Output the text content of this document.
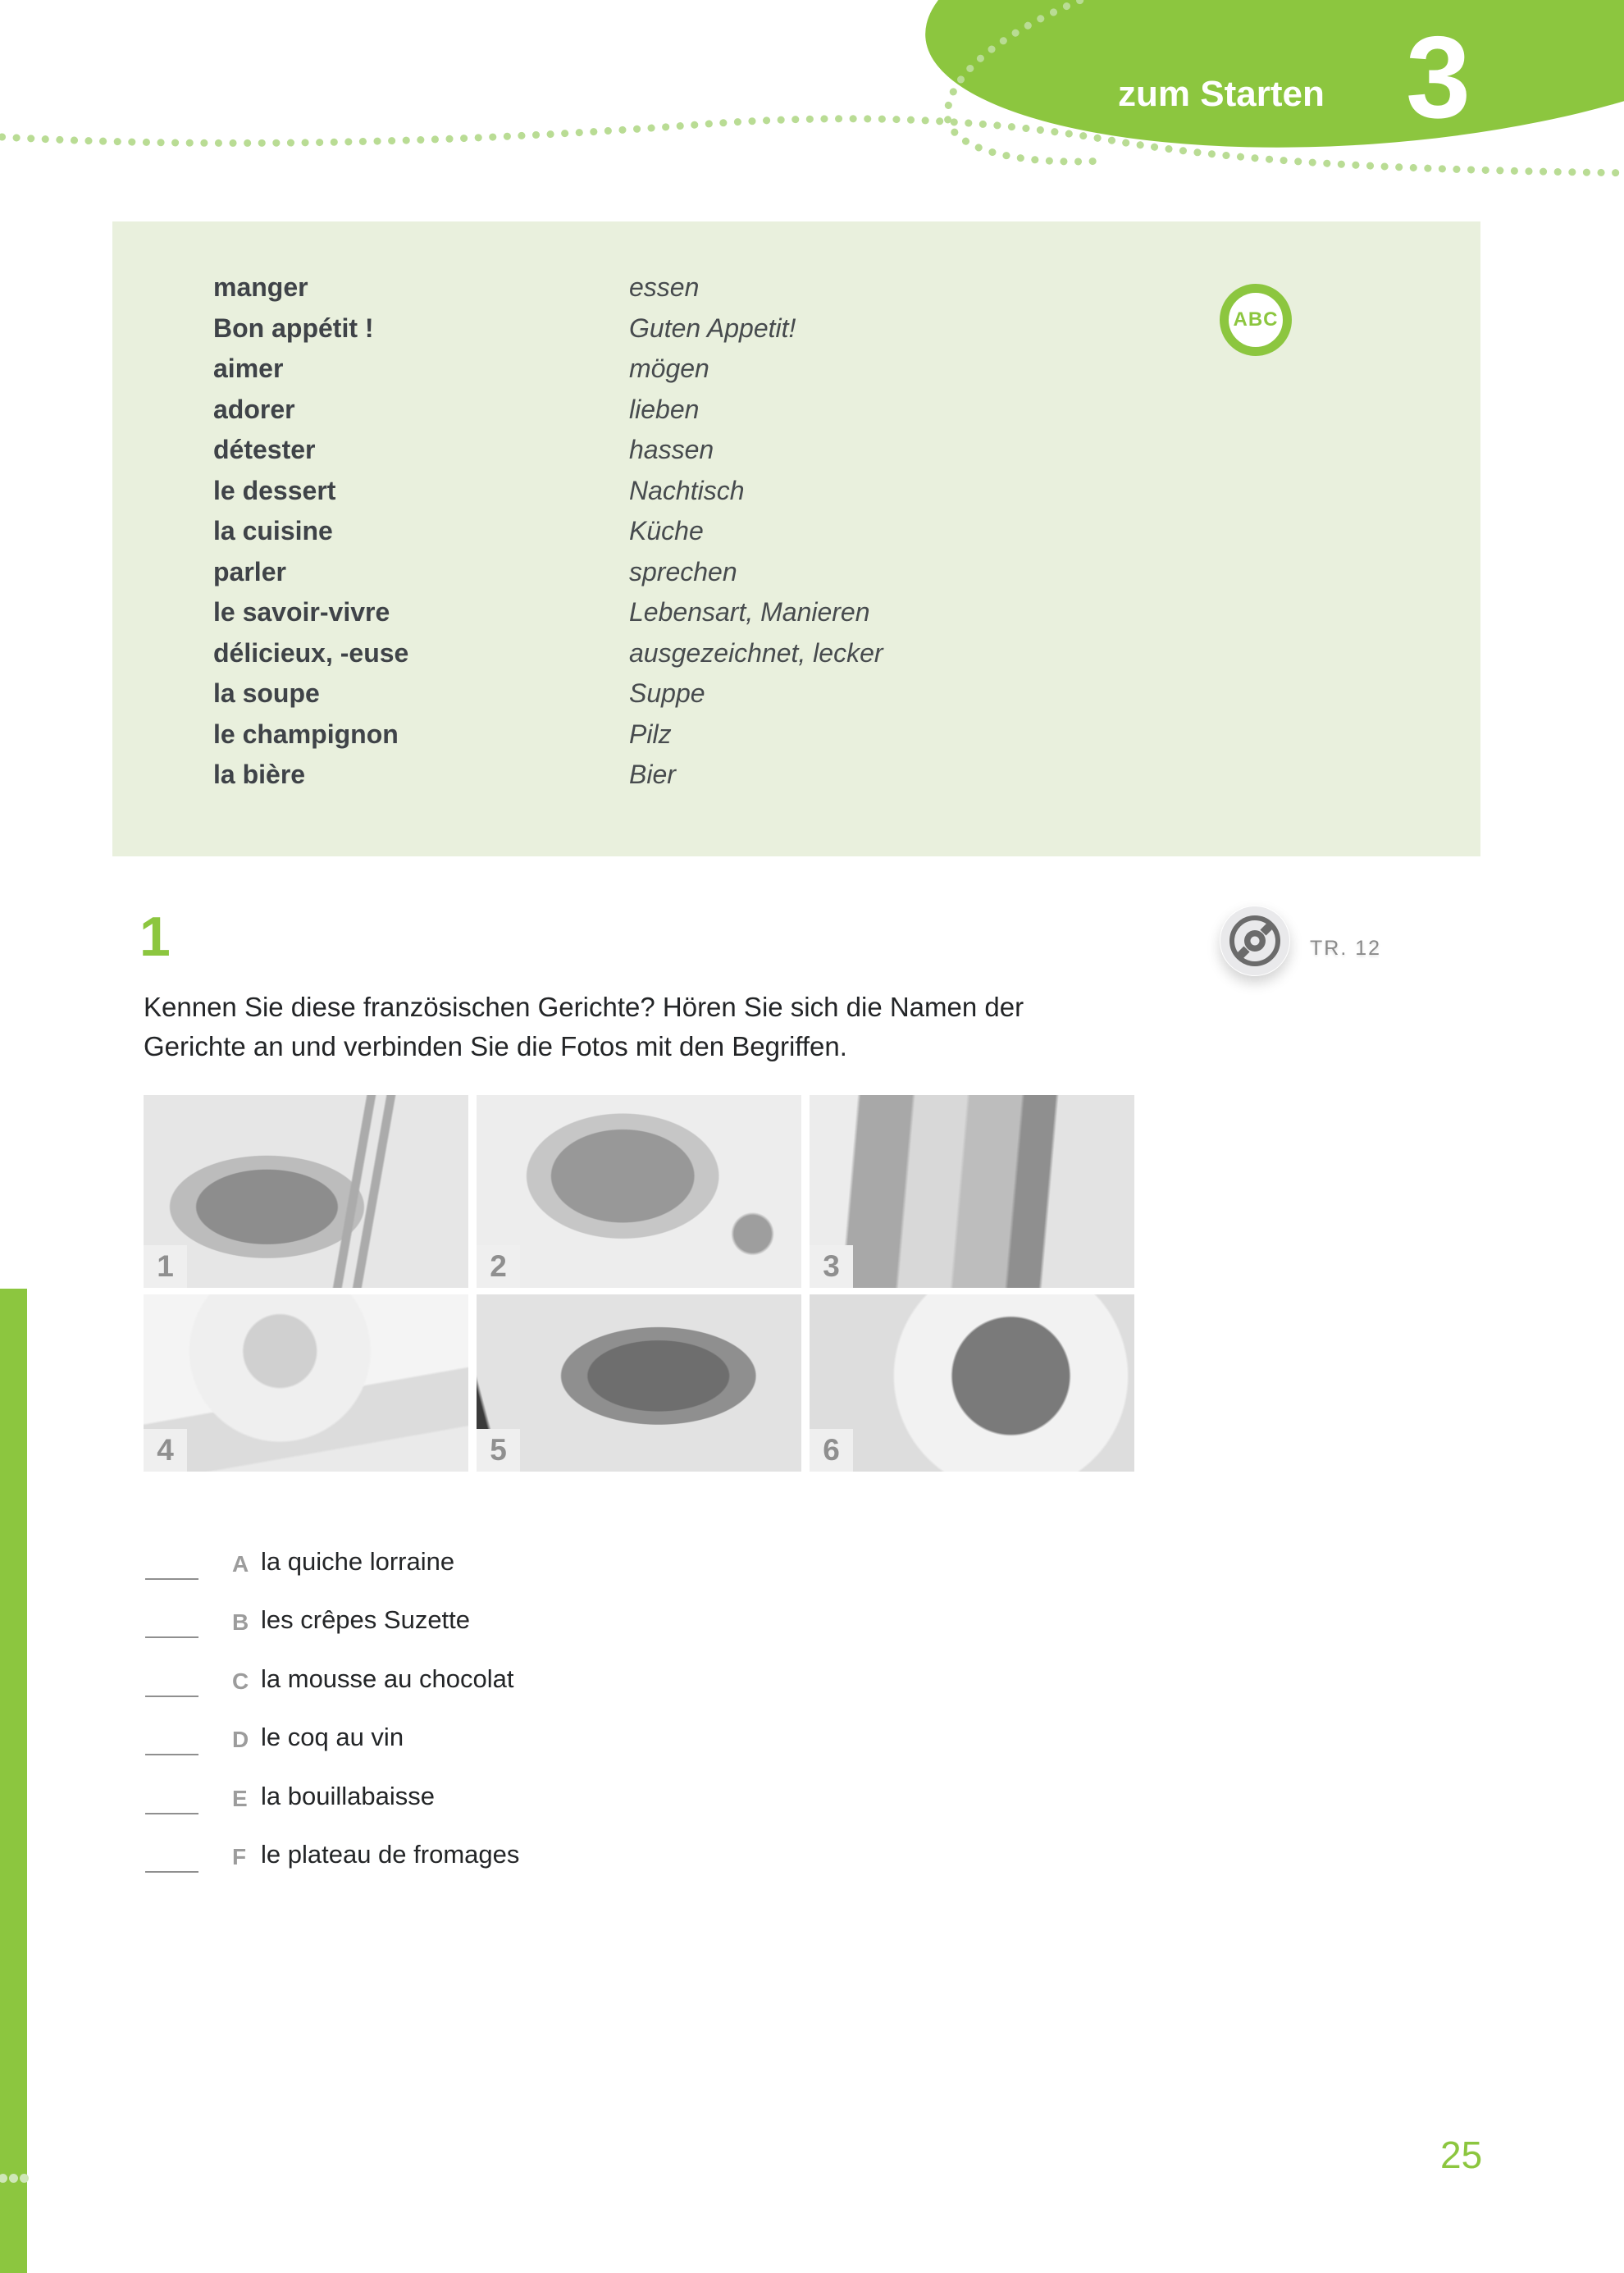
zum Starten 3
manger	essen
Bon appétit !	Guten Appetit!
aimer	mögen
adorer	lieben
détester	hassen
le dessert	Nachtisch
la cuisine	Küche
parler	sprechen
le savoir-vivre	Lebensart, Manieren
délicieux, -euse	ausgezeichnet, lecker
la soupe	Suppe
le champignon	Pilz
la bière	Bier
ABC
1	TR. 12
Kennen Sie diese französischen Gerichte? Hören Sie sich die Namen der
Gerichte an und verbinden Sie die Fotos mit den Begriffen.
1	2	3
4	5	6
A la quiche lorraine
B les crêpes Suzette
C la mousse au chocolat
D le coq au vin
E la bouillabaisse
F le plateau de fromages
25
